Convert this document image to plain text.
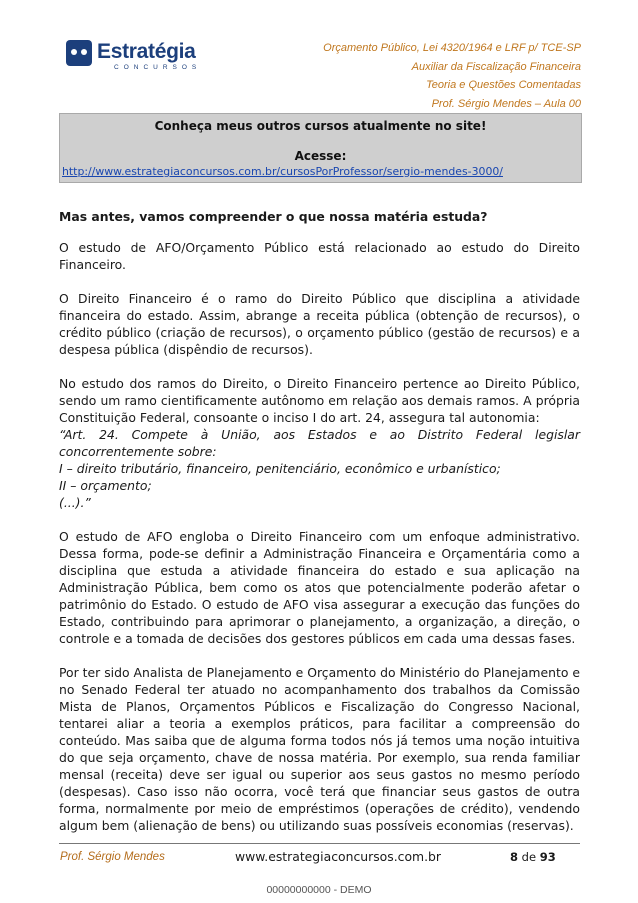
Estratégia
CONCURSOS
Orçamento Público, Lei 4320/1964 e LRF p/ TCE-SP
Auxiliar da Fiscalização Financeira
Teoria e Questões Comentadas
Prof. Sérgio Mendes – Aula 00
Conheça meus outros cursos atualmente no site!
Acesse:
http://www.estrategiaconcursos.com.br/cursosPorProfessor/sergio-mendes-3000/
Mas antes, vamos compreender o que nossa matéria estuda?

O estudo de AFO/Orçamento Público está relacionado ao estudo do Direito Financeiro.

O Direito Financeiro é o ramo do Direito Público que disciplina a atividade financeira do estado. Assim, abrange a receita pública (obtenção de recursos), o crédito público (criação de recursos), o orçamento público (gestão de recursos) e a despesa pública (dispêndio de recursos).

No estudo dos ramos do Direito, o Direito Financeiro pertence ao Direito Público, sendo um ramo cientificamente autônomo em relação aos demais ramos. A própria Constituição Federal, consoante o inciso I do art. 24, assegura tal autonomia:

“Art. 24. Compete à União, aos Estados e ao Distrito Federal legislar concorrentemente sobre:

I – direito tributário, financeiro, penitenciário, econômico e urbanístico;
II – orçamento;

(...).”

O estudo de AFO engloba o Direito Financeiro com um enfoque administrativo. Dessa forma, pode-se definir a Administração Financeira e Orçamentária como a disciplina que estuda a atividade financeira do estado e sua aplicação na Administração Pública, bem como os atos que potencialmente poderão afetar o patrimônio do Estado. O estudo de AFO visa assegurar a execução das funções do Estado, contribuindo para aprimorar o planejamento, a organização, a direção, o controle e a tomada de decisões dos gestores públicos em cada uma dessas fases.

Por ter sido Analista de Planejamento e Orçamento do Ministério do Planejamento e no Senado Federal ter atuado no acompanhamento dos trabalhos da Comissão Mista de Planos, Orçamentos Públicos e Fiscalização do Congresso Nacional, tentarei aliar a teoria a exemplos práticos, para facilitar a compreensão do conteúdo. Mas saiba que de alguma forma todos nós já temos uma noção intuitiva do que seja orçamento, chave de nossa matéria. Por exemplo, sua renda familiar mensal (receita) deve ser igual ou superior aos seus gastos no mesmo período (despesas). Caso isso não ocorra, você terá que financiar seus gastos de outra forma, normalmente por meio de empréstimos (operações de crédito), vendendo algum bem (alienação de bens) ou utilizando suas possíveis economias (reservas).

Prof. Sérgio Mendes	www.estrategiaconcursos.com.br	8 de 93
00000000000 - DEMO
